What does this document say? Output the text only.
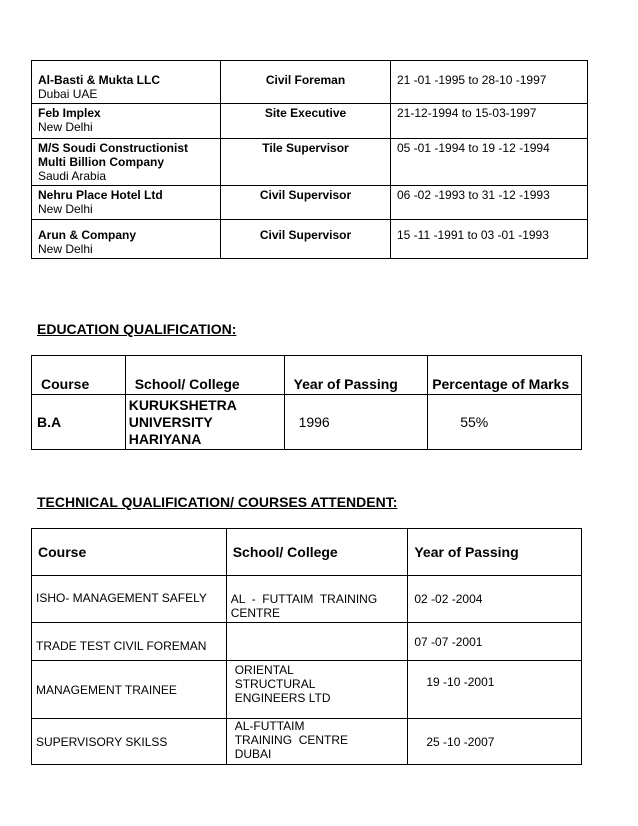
Al-Basti & Mukta LLC
Dubai UAE	Civil Foreman	21 -01 -1995 to 28-10 -1997

Feb Implex
New Delhi	Site Executive	21-12-1994 to 15-03-1997

M/S Soudi Constructionist
Multi Billion Company
Saudi Arabia	Tile Supervisor	05 -01 -1994 to 19 -12 -1994

Nehru Place Hotel Ltd
New Delhi	Civil Supervisor	06 -02 -1993 to 31 -12 -1993

Arun & Company
New Delhi	Civil Supervisor	15 -11 -1991 to 03 -01 -1993
EDUCATION QUALIFICATION:
Course	School/ College	Year of Passing	Percentage of Marks
B.A	KURUKSHETRA
UNIVERSITY
HARIYANA	1996	55%
TECHNICAL QUALIFICATION/ COURSES ATTENDENT:
Course	School/ College	Year of Passing
ISHO- MANAGEMENT SAFELY	AL  -  FUTTAIM  TRAINING
CENTRE	02 -02 -2004
TRADE TEST CIVIL FOREMAN		07 -07 -2001
MANAGEMENT TRAINEE	ORIENTAL
STRUCTURAL
ENGINEERS LTD	19 -10 -2001
SUPERVISORY SKILSS	AL-FUTTAIM
TRAINING  CENTRE
DUBAI	25 -10 -2007
